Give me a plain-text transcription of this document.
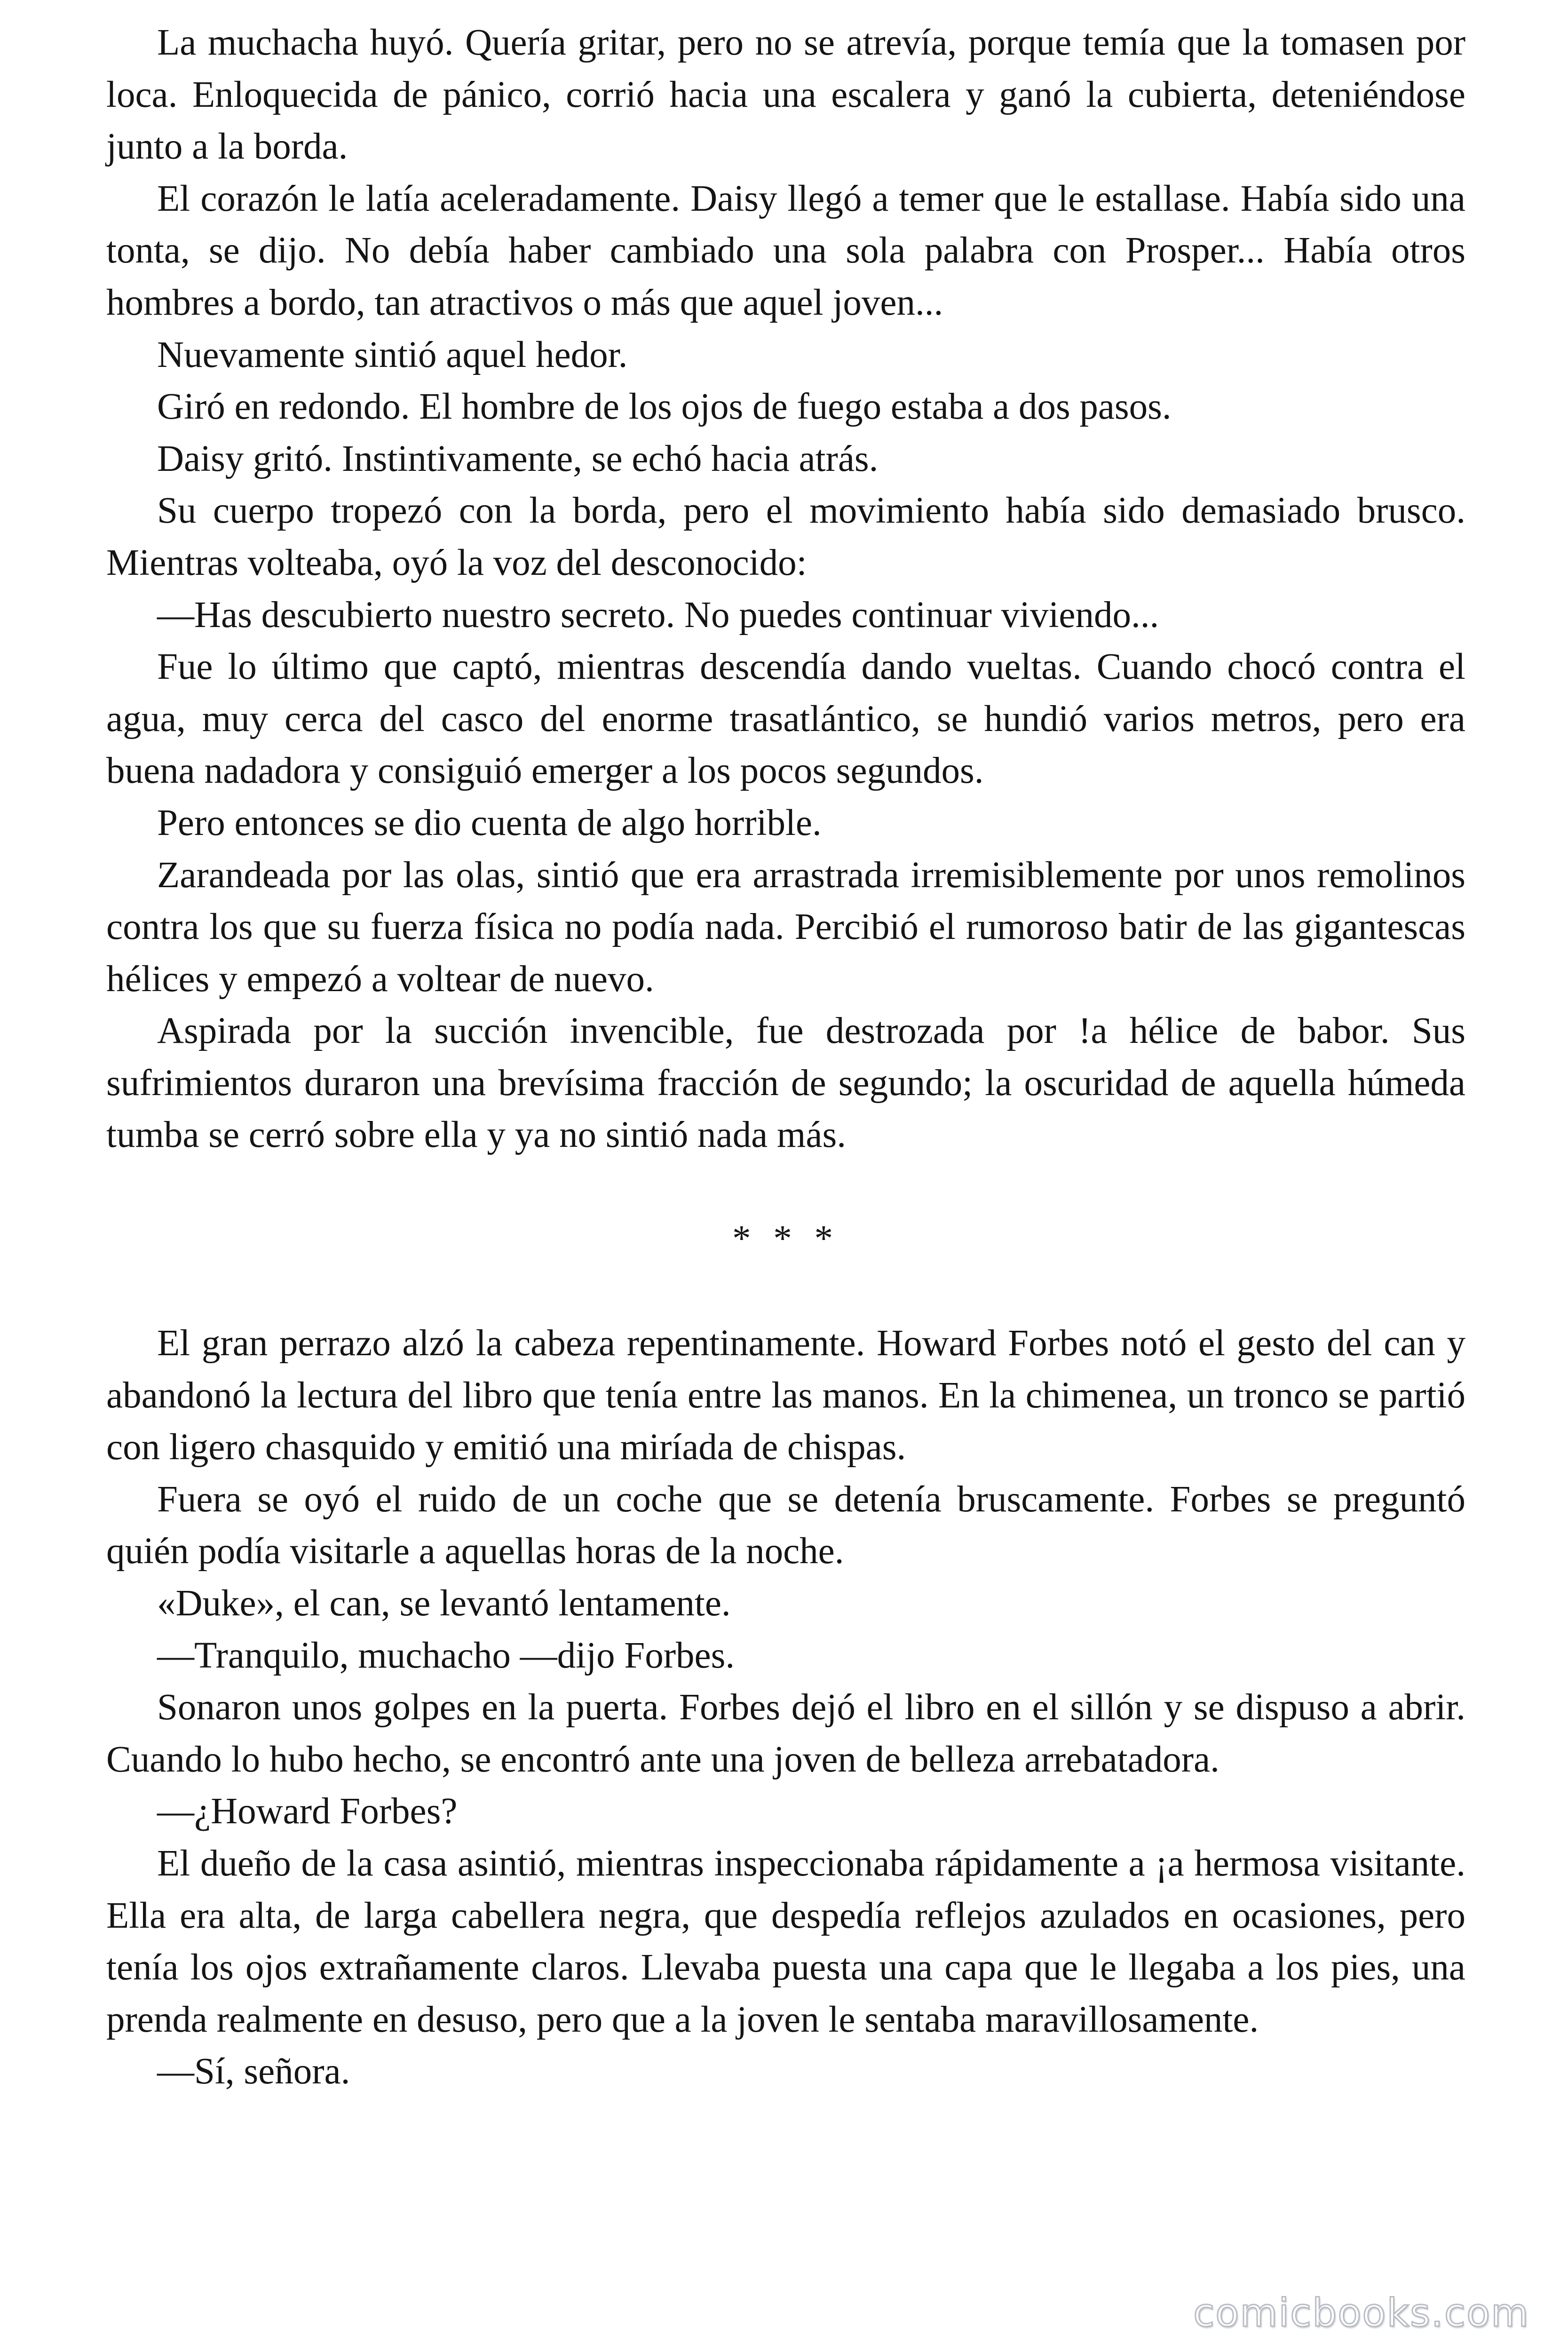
La muchacha huyó. Quería gritar, pero no se atrevía, porque temía que la tomasen por loca. Enloquecida de pánico, corrió hacia una escalera y ganó la cubierta, deteniéndose junto a la borda.

El corazón le latía aceleradamente. Daisy llegó a temer que le estallase. Había sido una tonta, se dijo. No debía haber cambiado una sola palabra con Prosper... Había otros hombres a bordo, tan atractivos o más que aquel joven...

Nuevamente sintió aquel hedor.

Giró en redondo. El hombre de los ojos de fuego estaba a dos pasos.

Daisy gritó. Instintivamente, se echó hacia atrás.

Su cuerpo tropezó con la borda, pero el movimiento había sido demasiado brusco. Mientras volteaba, oyó la voz del desconocido:

—Has descubierto nuestro secreto. No puedes continuar viviendo...

Fue lo último que captó, mientras descendía dando vueltas. Cuando chocó contra el agua, muy cerca del casco del enorme trasatlántico, se hundió varios metros, pero era buena nadadora y consiguió emerger a los pocos segundos.

Pero entonces se dio cuenta de algo horrible.

Zarandeada por las olas, sintió que era arrastrada irremisiblemente por unos remolinos contra los que su fuerza física no podía nada. Percibió el rumoroso batir de las gigantescas hélices y empezó a voltear de nuevo.

Aspirada por la succión invencible, fue destrozada por !a hélice de babor. Sus sufrimientos duraron una brevísima fracción de segundo; la oscuridad de aquella húmeda tumba se cerró sobre ella y ya no sintió nada más.

* * *

El gran perrazo alzó la cabeza repentinamente. Howard Forbes notó el gesto del can y abandonó la lectura del libro que tenía entre las manos. En la chimenea, un tronco se partió con ligero chasquido y emitió una miríada de chispas.

Fuera se oyó el ruido de un coche que se detenía bruscamente. Forbes se preguntó quién podía visitarle a aquellas horas de la noche.

«Duke», el can, se levantó lentamente.

—Tranquilo, muchacho —dijo Forbes.

Sonaron unos golpes en la puerta. Forbes dejó el libro en el sillón y se dispuso a abrir. Cuando lo hubo hecho, se encontró ante una joven de belleza arrebatadora.

—¿Howard Forbes?

El dueño de la casa asintió, mientras inspeccionaba rápidamente a ¡a hermosa visitante. Ella era alta, de larga cabellera negra, que despedía reflejos azulados en ocasiones, pero tenía los ojos extrañamente claros. Llevaba puesta una capa que le llegaba a los pies, una prenda realmente en desuso, pero que a la joven le sentaba maravillosamente.

—Sí, señora.

comicbooks.com
